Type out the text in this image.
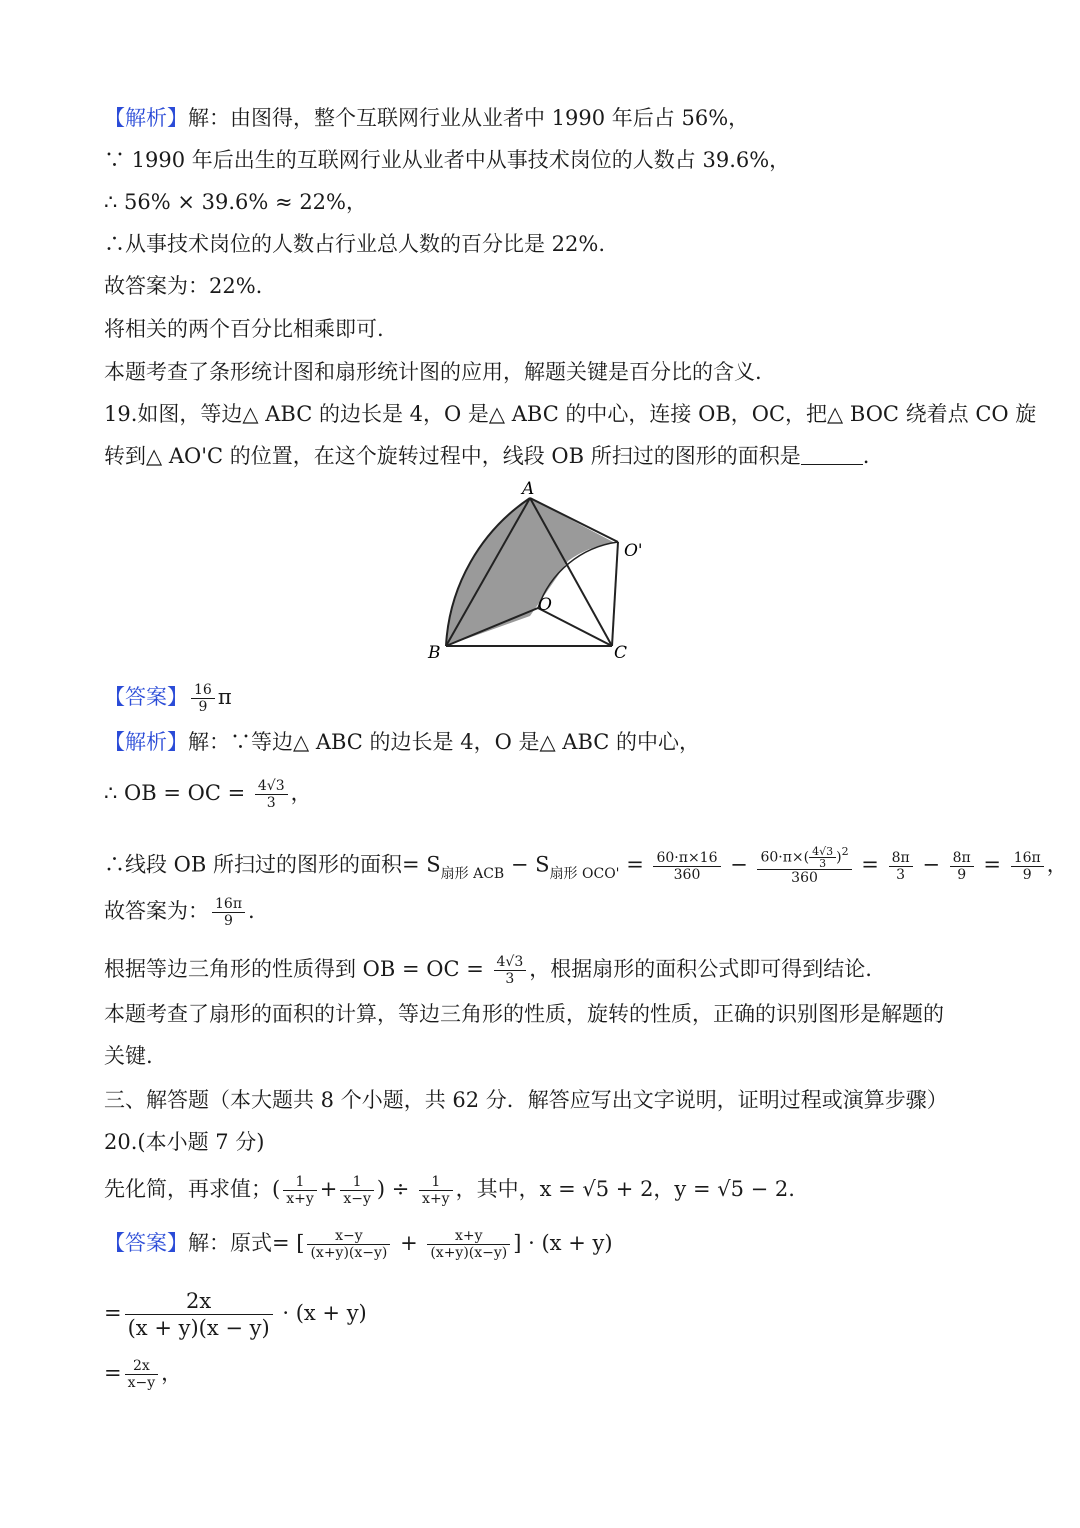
【解析】解：由图得，整个互联网行业从业者中 1990 年后占 56%，
∵ 1990 年后出生的互联网行业从业者中从事技术岗位的人数占 39.6%，
∴ 56% × 39.6% ≈ 22%，
∴从事技术岗位的人数占行业总人数的百分比是 22%.
故答案为：22%.
将相关的两个百分比相乘即可.
本题考查了条形统计图和扇形统计图的应用，解题关键是百分比的含义.
19.如图，等边△ ABC 的边长是 4，O 是△ ABC 的中心，连接 OB，OC，把△ BOC 绕着点 CO 旋
转到△ AO'C 的位置，在这个旋转过程中，线段 OB 所扫过的图形的面积是	.
A
B	C
O
O'
【答案】 $\frac{16}{9}$ π
【解析】解：∵等边△ ABC 的边长是 4，O 是△ ABC 的中心，
∴ OB = OC = $\frac{4√3}{3}$ ，
∴线段 OB 所扫过的图形的面积= $S_{扇形 ACB} - S_{扇形 OCO'} = \frac{60\cdot\pi\times 16}{360} - \frac{60\cdot\pi\times( \frac{4√3}{3} )^2}{360} = \frac{8\pi}{3} - \frac{8\pi}{9} = \frac{16\pi}{9}$ ，
故答案为： $\frac{16\pi}{9}$ .
根据等边三角形的性质得到 OB = OC = $\frac{4√3}{3}$ ，根据扇形的面积公式即可得到结论.
本题考查了扇形的面积的计算，等边三角形的性质，旋转的性质，正确的识别图形是解题的
关键.
三、解答题（本大题共 8 个小题，共 62 分．解答应写出文字说明，证明过程或演算步骤）
20.(本小题 7 分)
先化简，再求值；( $\frac{1}{x+y} + \frac{1}{x-y}$ ) ÷ $\frac{1}{x+y}$ ，其中，x = √5 + 2，y = √5 − 2.
【答案】解：原式= [ $\frac{x-y}{(x+y)(x-y)} + \frac{x+y}{(x+y)(x-y)}$ ] · (x + y)
= $\frac{2x}{(x + y)(x - y)} \cdot (x + y)$
= $\frac{2x}{x-y}$ ，
